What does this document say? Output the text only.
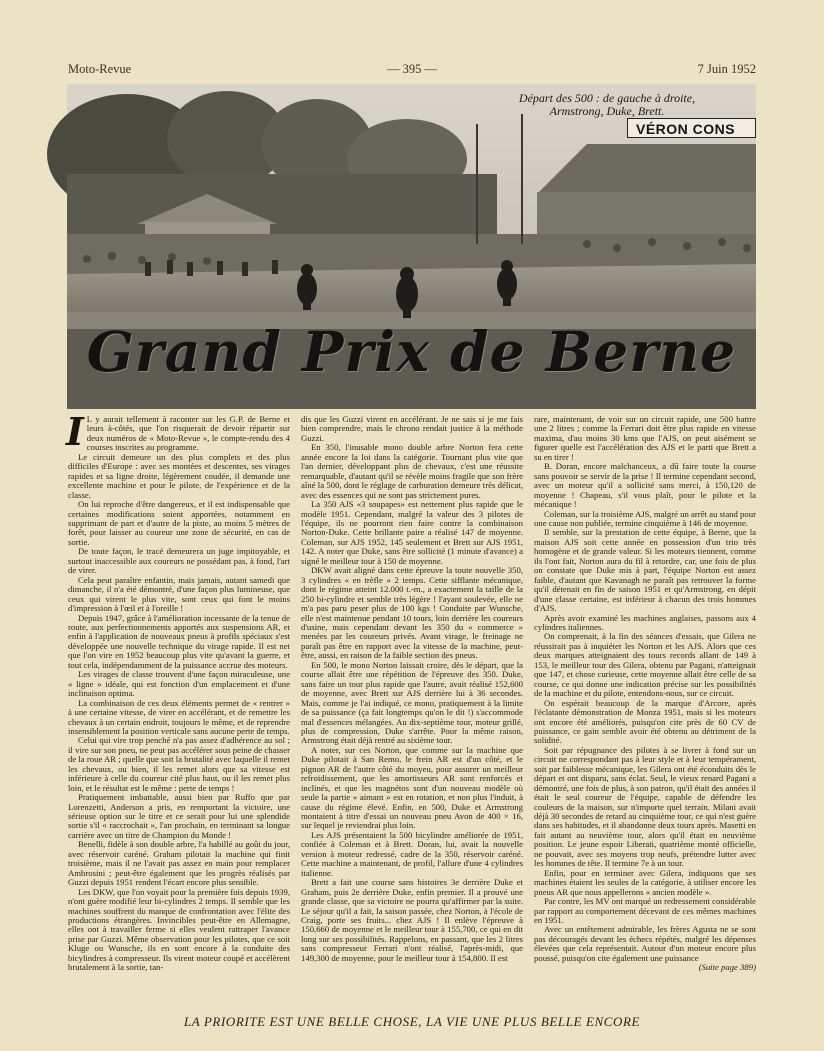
Moto-Revue	— 395 —	7 Juin 1952
Départ des 500 : de gauche à droite, Armstrong, Duke, Brett.
VÉRON CONS
Grand Prix de Berne

I L y aurait tellement à raconter sur les G.P. de Berne et leurs à-côtés, que l'on risquerait de devoir répartir sur deux numéros de « Moto-Revue », le compte-rendu des 4 courses inscrites au programme.

Le circuit demeure un des plus complets et des plus difficiles d'Europe : avec ses montées et descentes, ses virages rapides et sa ligne droite, légèrement coudée, il demande une excellente machine et pour le pilote, de l'expérience et de la classe.

On lui reproche d'être dangereux, et il est indispensable que certaines modifications soient apportées, notamment en supprimant de part et d'autre de la piste, au moins 5 mètres de forêt, pour laisser au coureur une zone de sécurité, en cas de sortie.

De toute façon, le tracé demeurera un juge impitoyable, et surtout inaccessible aux coureurs ne possédant pas, à fond, l'art de virer.

Cela peut paraître enfantin, mais jamais, autant samedi que dimanche, il n'a été démontré, d'une façon plus lumineuse, que ceux qui virent le plus vite, sont ceux qui font le moins d'impression à l'œil et à l'oreille !

Depuis 1947, grâce à l'amélioration incessante de la tenue de route, aux perfectionnements apportés aux suspensions AR, et enfin à l'application de nouveaux pneus à profils spéciaux s'est développée une nouvelle technique du virage rapide. Il est net que l'on vire en 1952 beaucoup plus vite qu'avant la guerre, et tout cela, indépendamment de la puissance accrue des moteurs.

Les virages de classe trouvent d'une façon miraculeuse, une « ligne » idéale, qui est fonction d'un emplacement et d'une inclinaison optima.

La combinaison de ces deux éléments permet de « rentrer » à une certaine vitesse, de virer en accélérant, et de remettre les chevaux à un certain endroit, toujours le même, et de reprendre insensiblement la position verticale sans aucune perte de temps.

Celui qui vire trop penché n'a pas assez d'adhérence au sol ; il vire sur son pneu, ne peut pas accélérer sous peine de chasser de la roue AR ; quelle que soit la brutalité avec laquelle il remet les chevaux, ou bien, il les remet alors que sa vitesse est inférieure à celle du coureur cité plus haut, ou il les remet plus loin, et le résultat est le même : perte de temps !

Pratiquement imbattable, aussi bien par Ruffo que par Lorenzetti, Anderson a pris, en remportant la victoire, une sérieuse option sur le titre et ce serait pour lui une splendide sortie s'il « raccrochait », l'an prochain, en terminant sa longue carrière avec un titre de Champion du Monde !

Benelli, fidèle à son double arbre, l'a habillé au goût du jour, avec réservoir caréné. Graham pilotait la machine qui finit troisième, mais il ne l'avait pas assez en main pour remplacer Ambrosini ; peut-être également que les progrès réalisés par Guzzi depuis 1951 rendent l'écart encore plus sensible.

Les DKW, que l'on voyait pour la première fois depuis 1939, n'ont guère modifié leur bi-cylindres 2 temps. Il semble que les machines souffrent du manque de confrontation avec l'élite des productions étrangères. Invincibles peut-être en Allemagne, elles ont à travailler ferme si elles veulent rattraper l'avance prise par Guzzi. Même observation pour les pilotes, que ce soit Kluge ou Wunsche, ils en sont encore à la conduite des bicylindres à compresseur. Ils virent moteur coupé et accélèrent brutalement à la sortie, tan-

dis que les Guzzi virent en accélérant. Je ne sais si je me fais bien comprendre, mais le chrono rendait justice à la méthode Guzzi.

En 350, l'inusable mono double arbre Norton fera cette année encore la loi dans la catégorie. Tournant plus vite que l'an dernier, développant plus de chevaux, c'est une réussite remarquable, d'autant qu'il se révèle moins fragile que son frère aîné la 500, dont le réglage de carburation demeure très délicat, avec des essences qui ne sont pas strictement pures.

La 350 AJS «3 soupapes» est nettement plus rapide que le modèle 1951. Cependant, malgré la valeur des 3 pilotes de l'équipe, ils ne pourront rien faire contre la combinaison Norton-Duke. Cette brillante paire a réalisé 147 de moyenne. Coleman, sur AJS 1952, 145 seulement et Brett sur AJS 1951, 142. A noter que Duke, sans être sollicité (1 minute d'avance) a signé le meilleur tour à 150 de moyenne.

DKW avait aligné dans cette épreuve la toute nouvelle 350, 3 cylindres « en trèfle » 2 temps. Cette sifflante mécanique, dont le régime atteint 12.000 t.-m., a exactement la taille de la 250 bi-cylindre et semble très légère ! l'ayant soulevée, elle ne m'a pas paru peser plus de 100 kgs ! Conduite par Wunsche, elle n'est maintenue pendant 10 tours, loin derrière les coureurs d'usine, mais cependant devant les 350 du « commerce » menées par les coureurs privés. Avant virage, le freinage ne paraît pas être en rapport avec la vitesse de la machine, peut-être, aussi, en raison de la faible section des pneus.

En 500, le mono Norton laissait croire, dès le départ, que la course allait être une répétition de l'épreuve des 350. Duke, sans faire un tour plus rapide que l'autre, avait réalisé 152,600 de moyenne, avec Brett sur AJS derrière lui à 36 secondes. Mais, comme je l'ai indiqué, ce mono, pratiquement à la limite de sa puissance (ça fait longtemps qu'on le dit !) s'accommode mal d'essences mélangées. Au dix-septième tour, moteur grillé, plus de compression, Duke s'arrête. Pour la même raison, Armstrong était déjà rentré au sixième tour.

A noter, sur ces Norton, que comme sur la machine que Duke pilotait à San Remo, le frein AR est d'un côté, et le pignon AR de l'autre côté du moyeu, pour assurer un meilleur refroidissement, que les amortisseurs AR sont renforcés et inclinés, et que les magnétos sont d'un nouveau modèle où seule la partie « aimant » est en rotation, et non plus l'induit, à cause du régime élevé. Enfin, en 500, Duke et Armstrong montaient à titre d'essai un nouveau pneu Avon de 400 × 16, sur lequel je reviendrai plus loin.

Les AJS présentaient la 500 bicylindre améliorée de 1951, confiée à Coleman et à Brett. Doran, lui, avait la nouvelle version à moteur redressé, cadre de la 350, réservoir caréné. Cette machine a maintenant, de profil, l'allure d'une 4 cylindres italienne.

Brett a fait une course sans histoires 3e derrière Duke et Graham, puis 2e derrière Duke, enfin premier. Il a prouvé une grande classe, que sa victoire ne pourra qu'affirmer par la suite. Le séjour qu'il a fait, la saison passée, chez Norton, à l'école de Craig, porte ses fruits... chez AJS ! Il enlève l'épreuve à 150,660 de moyenne et le meilleur tour à 155,700, ce qui en dit long sur ses possibilités. Rappelons, en passant, que les 2 litres sans compresseur Ferrari n'ont réalisé, l'après-midi, que 149,300 de moyenne, pour le meilleur tour à 154,800. Il est

rare, maintenant, de voir sur un circuit rapide, une 500 battre une 2 litres ; comme la Ferrari doit être plus rapide en vitesse maxima, d'au moins 30 kms que l'AJS, on peut aisément se figurer quelle est l'accélération des AJS et le parti que Brett a su en tirer !

B. Doran, encore malchanceux, a dû faire toute la course sans pouvoir se servir de la prise ! Il termine cependant second, avec un moteur qu'il a sollicité sans merci, à 150,120 de moyenne ! Chapeau, s'il vous plaît, pour le pilote et la mécanique !

Coleman, sur la troisième AJS, malgré un arrêt au stand pour une cause non publiée, termine cinquième à 146 de moyenne.

Il semble, sur la prestation de cette équipe, à Berne, que la maison AJS soit cette année en possession d'un trio très homogène et de grande valeur. Si les moteurs tiennent, comme ils l'ont fait, Norton aura du fil à retordre, car, une fois de plus on constate que Duke mis à part, l'équipe Norton est assez faible, d'autant que Kavanagh ne paraît pas retrouver la forme qu'il détenait en fin de saison 1951 et qu'Armstrong, en dépit d'une classe certaine, est inférieur à chacun des trois hommes d'AJS.

Après avoir examiné les machines anglaises, passons aux 4 cylindres italiennes.

On comprenait, à la fin des séances d'essais, que Gilera ne réussirait pas à inquiéter les Norton et les AJS. Alors que ces deux marques atteignaient des tours records allant de 149 à 153, le meilleur tour des Gilera, obtenu par Pagani, n'atteignait que 147, et chose curieuse, cette moyenne allait être celle de sa course, ce qui donne une indication précise sur les possibilités de la machine et du pilote, entendons-nous, sur ce circuit.

On espérait beaucoup de la marque d'Arcore, après l'éclatante démonstration de Monza 1951, mais si les moteurs ont encore été améliorés, puisqu'on cite près de 60 CV de puissance, ce gain semble avoir été obtenu au détriment de la solidité.

Soit par répugnance des pilotes à se livrer à fond sur un circuit ne correspondant pas à leur style et à leur tempérament, soit par faiblesse mécanique, les Gilera ont été éconduits dès le départ et ont disparu, sans éclat. Seul, le vieux renard Pagani a démontré, une fois de plus, à son patron, qu'il était des années il était le seul coureur de l'équipe, capable de défendre les couleurs de la maison, sur n'importe quel terrain. Milani avait déjà 30 secondes de retard au cinquième tour, ce qui n'est guère dans ses habitudes, et il abandonne deux tours après. Masetti en fait autant au neuvième tour, alors qu'il était en neuvième position. Le jeune espoir Liberati, quatrième monté officielle, ne pouvait, avec ses moyens trop neufs, prétendre lutter avec les hommes de tête. Il termine 7e à un tour.

Enfin, pour en terminer avec Gilera, indiquons que ses machines étaient les seules de la catégorie, à utiliser encore les pneus AR que nous appellerons « ancien modèle ».

Par contre, les MV ont marqué un redressement considérable par rapport au comportement décevant de ces mêmes machines en 1951.

Avec un entêtement admirable, les frères Agusta ne se sont pas découragés devant les échecs répétés, malgré les dépenses élevées que cela représentait. Autour d'un moteur encore plus poussé, puisqu'on cite également une puissance

(Suite page 389)

LA PRIORITE EST UNE BELLE CHOSE, LA VIE UNE PLUS BELLE ENCORE
